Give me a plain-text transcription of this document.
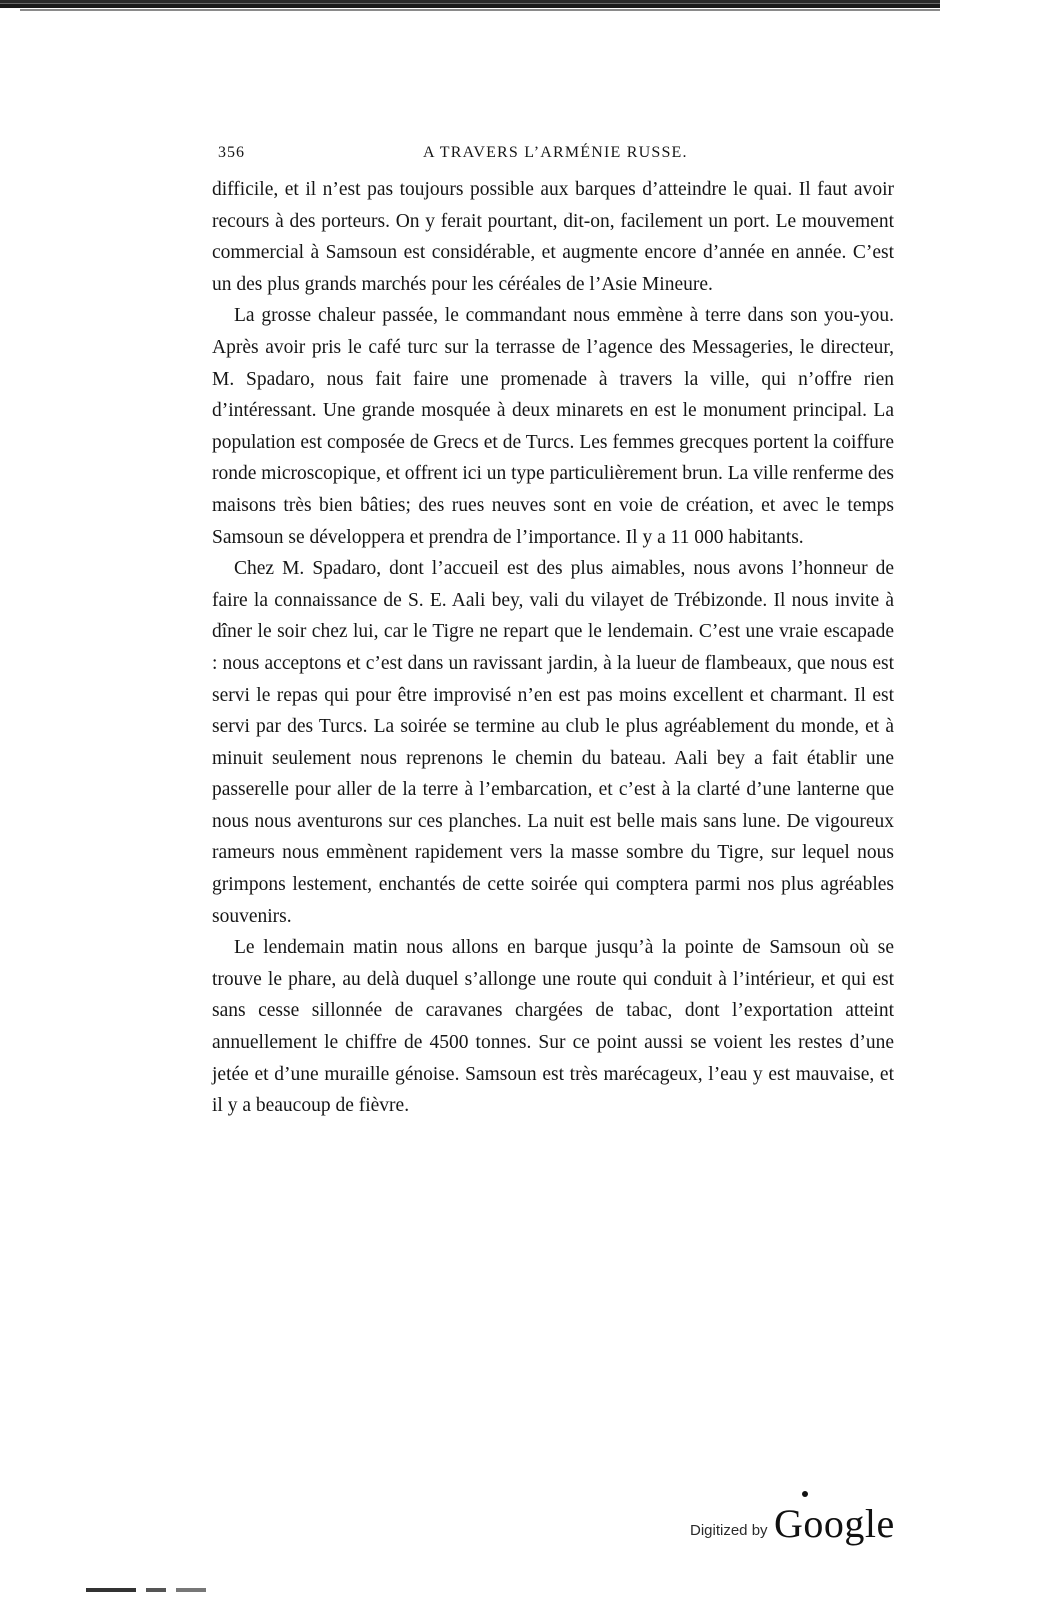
356	A TRAVERS L’ARMÉNIE RUSSE.

difficile, et il n’est pas toujours possible aux barques d’atteindre le quai. Il faut avoir recours à des porteurs. On y ferait pourtant, dit-on, facilement un port. Le mouvement commercial à Samsoun est considérable, et augmente encore d’année en année. C’est un des plus grands marchés pour les céréales de l’Asie Mineure.

La grosse chaleur passée, le commandant nous emmène à terre dans son you-you. Après avoir pris le café turc sur la terrasse de l’agence des Messageries, le directeur, M. Spadaro, nous fait faire une promenade à travers la ville, qui n’offre rien d’intéressant. Une grande mosquée à deux minarets en est le monument principal. La population est composée de Grecs et de Turcs. Les femmes grecques portent la coiffure ronde microscopique, et offrent ici un type particulièrement brun. La ville renferme des maisons très bien bâties; des rues neuves sont en voie de création, et avec le temps Samsoun se développera et prendra de l’importance. Il y a 11 000 habitants.

Chez M. Spadaro, dont l’accueil est des plus aimables, nous avons l’honneur de faire la connaissance de S. E. Aali bey, vali du vilayet de Trébizonde. Il nous invite à dîner le soir chez lui, car le Tigre ne repart que le lendemain. C’est une vraie escapade : nous acceptons et c’est dans un ravissant jardin, à la lueur de flambeaux, que nous est servi le repas qui pour être improvisé n’en est pas moins excellent et charmant. Il est servi par des Turcs. La soirée se termine au club le plus agréablement du monde, et à minuit seulement nous reprenons le chemin du bateau. Aali bey a fait établir une passerelle pour aller de la terre à l’embarcation, et c’est à la clarté d’une lanterne que nous nous aventurons sur ces planches. La nuit est belle mais sans lune. De vigoureux rameurs nous emmènent rapidement vers la masse sombre du Tigre, sur lequel nous grimpons lestement, enchantés de cette soirée qui comptera parmi nos plus agréables souvenirs.

Le lendemain matin nous allons en barque jusqu’à la pointe de Samsoun où se trouve le phare, au delà duquel s’allonge une route qui conduit à l’intérieur, et qui est sans cesse sillonnée de caravanes chargées de tabac, dont l’exportation atteint annuellement le chiffre de 4500 tonnes. Sur ce point aussi se voient les restes d’une jetée et d’une muraille génoise. Samsoun est très marécageux, l’eau y est mauvaise, et il y a beaucoup de fièvre.

Digitized by Google
